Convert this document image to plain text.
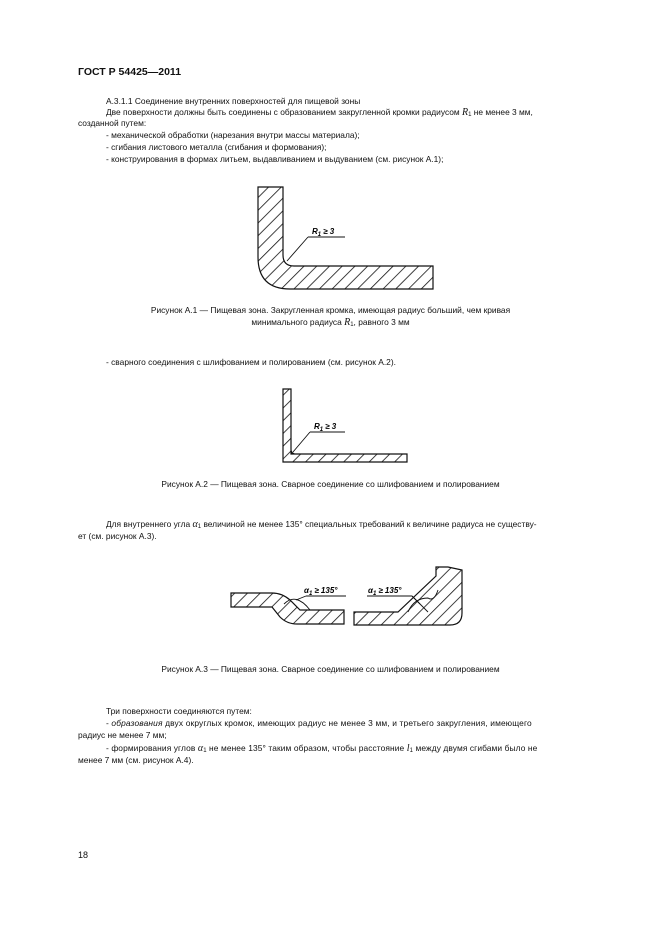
ГОСТ Р 54425—2011
А.3.1.1 Соединение внутренних поверхностей для пищевой зоны
Две поверхности должны быть соединены с образованием закругленной кромки радиусом $R_1$ не менее 3 мм,
созданной путем:
- механической обработки (нарезания внутри массы материала);
- сгибания листового металла (сгибания и формования);
- конструирования в формах литьем, выдавливанием и выдуванием (см. рисунок А.1);
$R_1 \ge 3$
Рисунок А.1 — Пищевая зона. Закругленная кромка, имеющая радиус больший, чем кривая
минимального радиуса $R_1$, равного 3 мм
- сварного соединения с шлифованием и полированием (см. рисунок А.2).
$R_1 \ge 3$
Рисунок А.2 — Пищевая зона. Сварное соединение со шлифованием и полированием
Для внутреннего угла $\alpha_1$ величиной не менее 135° специальных требований к величине радиуса не существу-
ет (см. рисунок А.3).
$\alpha_1 \ge 135^\circ$	$\alpha_1 \ge 135^\circ$
Рисунок А.3 — Пищевая зона. Сварное соединение со шлифованием и полированием
Три поверхности соединяются путем:
- образования двух округлых кромок, имеющих радиус не менее 3 мм, и третьего закругления, имеющего
радиус не менее 7 мм;
- формирования углов $\alpha_1$ не менее 135° таким образом, чтобы расстояние $l_1$ между двумя сгибами было не
менее 7 мм (см. рисунок А.4).
18
